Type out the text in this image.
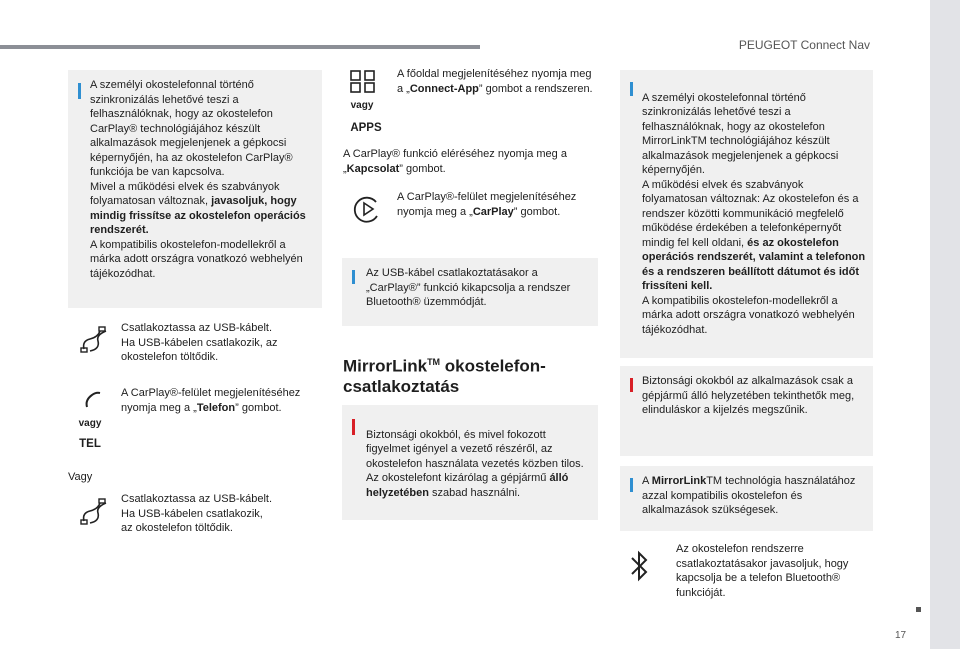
PEUGEOT Connect Nav
17
A személyi okostelefonnal történő szinkronizálás lehetővé teszi a felhasználóknak, hogy az okostelefon CarPlay® technológiájához készült alkalmazások megjelenjenek a gépkocsi képernyőjén, ha az okostelefon CarPlay® funkciója be van kapcsolva.
Mivel a működési elvek és szabványok folyamatosan változnak, javasoljuk, hogy mindig frissítse az okostelefon operációs rendszerét.
A kompatibilis okostelefon-modellekről a márka adott országra vonatkozó webhelyén tájékozódhat.
Csatlakoztassa az USB-kábelt.
Ha USB-kábelen csatlakozik, az okostelefon töltődik.
vagy
TEL
A CarPlay®-felület megjelenítéséhez nyomja meg a „Telefon” gombot.
Vagy
Csatlakoztassa az USB-kábelt.
Ha USB-kábelen csatlakozik,
az okostelefon töltődik.
vagy
APPS
A főoldal megjelenítéséhez nyomja meg a „Connect-App” gombot a rendszeren.
A CarPlay® funkció eléréséhez nyomja meg a „Kapcsolat” gombot.
A CarPlay®-felület megjelenítéséhez nyomja meg a „CarPlay” gombot.
Az USB-kábel csatlakoztatásakor a „CarPlay®” funkció kikapcsolja a rendszer Bluetooth® üzemmódját.
MirrorLink™ okostelefon-
csatlakoztatás

Biztonsági okokból, és mivel fokozott figyelmet igényel a vezető részéről, az okostelefon használata vezetés közben tilos.
Az okostelefont kizárólag a gépjármű álló helyzetében szabad használni.

A személyi okostelefonnal történő szinkronizálás lehetővé teszi a felhasználóknak, hogy az okostelefon MirrorLinkTM technológiájához készült alkalmazások megjelenjenek a gépkocsi képernyőjén.
A működési elvek és szabványok folyamatosan változnak: Az okostelefon és a rendszer közötti kommunikáció megfelelő működése érdekében a telefonképernyőt mindig fel kell oldani, és az okostelefon operációs rendszerét, valamint a telefonon és a rendszeren beállított dátumot és időt frissíteni kell.
A kompatibilis okostelefon-modellekről a márka adott országra vonatkozó webhelyén tájékozódhat.

Biztonsági okokból az alkalmazások csak a gépjármű álló helyzetében tekinthetők meg, elinduláskor a kijelzés megszűnik.
A MirrorLinkTM technológia használatához azzal kompatibilis okostelefon és alkalmazások szükségesek.
Az okostelefon rendszerre csatlakoztatásakor javasoljuk, hogy kapcsolja be a telefon Bluetooth® funkcióját.
